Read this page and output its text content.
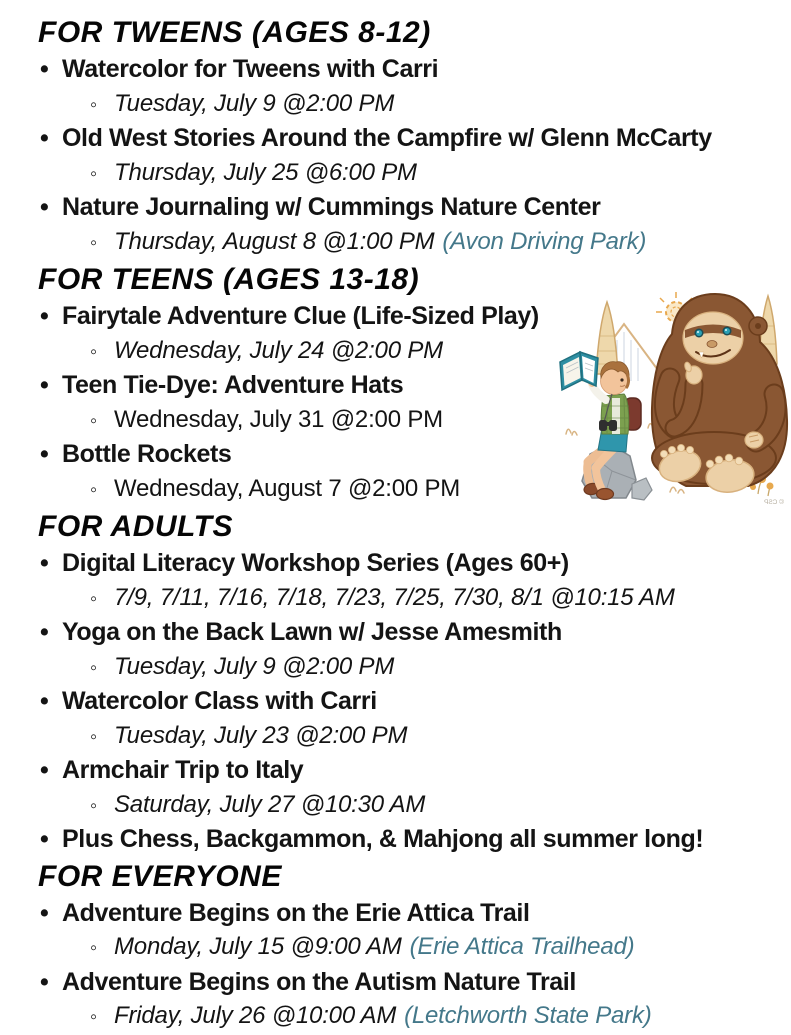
FOR TWEENS (AGES 8-12)
• Watercolor for Tweens with Carri
◦ Tuesday, July 9 @2:00 PM
• Old West Stories Around the Campfire w/ Glenn McCarty
◦ Thursday, July 25 @6:00 PM
• Nature Journaling w/ Cummings Nature Center
◦ Thursday, August 8 @1:00 PM (Avon Driving Park)
FOR TEENS (AGES 13-18)
• Fairytale Adventure Clue (Life-Sized Play)
◦ Wednesday, July 24 @2:00 PM
• Teen Tie-Dye: Adventure Hats
◦ Wednesday, July 31 @2:00 PM
• Bottle Rockets
◦ Wednesday, August 7 @2:00 PM
FOR ADULTS
• Digital Literacy Workshop Series (Ages 60+)
◦ 7/9, 7/11, 7/16, 7/18, 7/23, 7/25, 7/30, 8/1 @10:15 AM
• Yoga on the Back Lawn w/ Jesse Amesmith
◦ Tuesday, July 9 @2:00 PM
• Watercolor Class with Carri
◦ Tuesday, July 23 @2:00 PM
• Armchair Trip to Italy
◦ Saturday, July 27 @10:30 AM
• Plus Chess, Backgammon, & Mahjong all summer long!
FOR EVERYONE
• Adventure Begins on the Erie Attica Trail
◦ Monday, July 15 @9:00 AM (Erie Attica Trailhead)
• Adventure Begins on the Autism Nature Trail
◦ Friday, July 26 @10:00 AM (Letchworth State Park)
© CSP
